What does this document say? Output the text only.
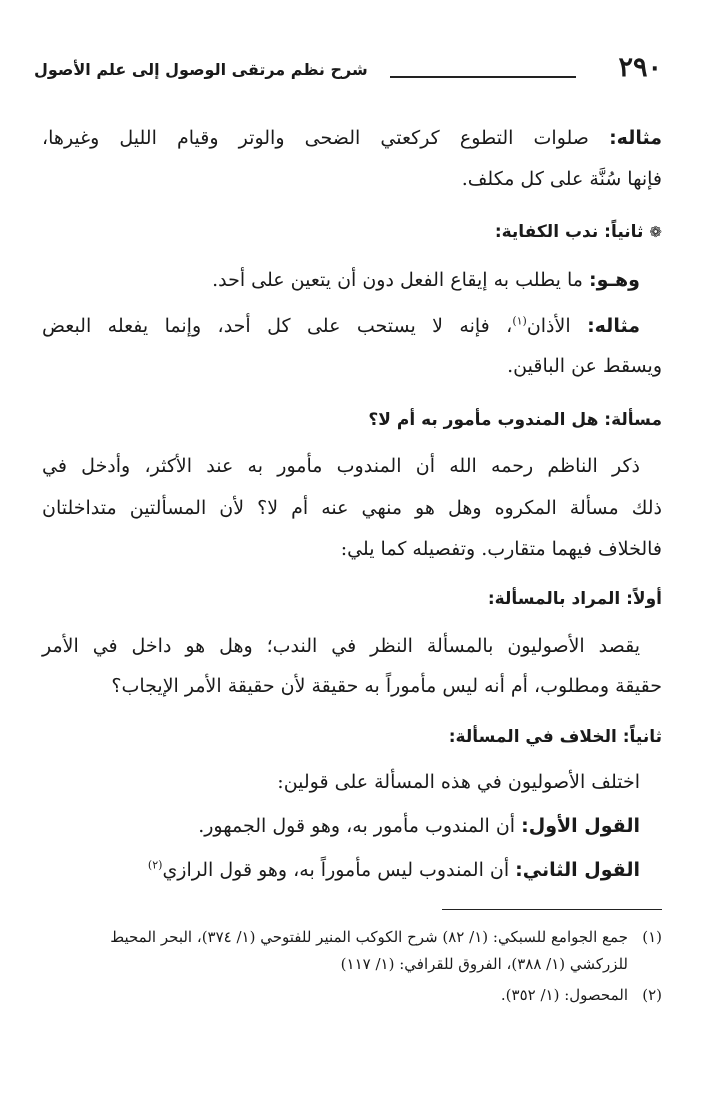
٢٩٠
شرح نظم مرتقى الوصول إلى علم الأصول
مثاله: صلوات التطوع كركعتي الضحى والوتر وقيام الليل وغيرها،
فإنها سُنَّة على كل مكلف.
❁ثانياً: ندب الكفاية:
وهـو: ما يطلب به إيقاع الفعل دون أن يتعين على أحد.
مثاله: الأذان$^{(١)}$، فإنه لا يستحب على كل أحد، وإنما يفعله البعض
ويسقط عن الباقين.
مسألة: هل المندوب مأمور به أم لا؟
ذكر الناظم رحمه الله أن المندوب مأمور به عند الأكثر، وأدخل في
ذلك مسألة المكروه وهل هو منهي عنه أم لا؟ لأن المسألتين متداخلتان
فالخلاف فيهما متقارب. وتفصيله كما يلي:
أولاً: المراد بالمسألة:
يقصد الأصوليون بالمسألة النظر في الندب؛ وهل هو داخل في الأمر
حقيقة ومطلوب، أم أنه ليس مأموراً به حقيقة لأن حقيقة الأمر الإيجاب؟
ثانياً: الخلاف في المسألة:
اختلف الأصوليون في هذه المسألة على قولين:
القول الأول: أن المندوب مأمور به، وهو قول الجمهور.
القول الثاني: أن المندوب ليس مأموراً به، وهو قول الرازي$^{(٢)}$
(١)جمع الجوامع للسبكي: (١/ ٨٢) شرح الكوكب المنير للفتوحي (١/ ٣٧٤)، البحر المحيط
للزركشي (١/ ٣٨٨)، الفروق للقرافي: (١/ ١١٧)
(٢)المحصول: (١/ ٣٥٢).
